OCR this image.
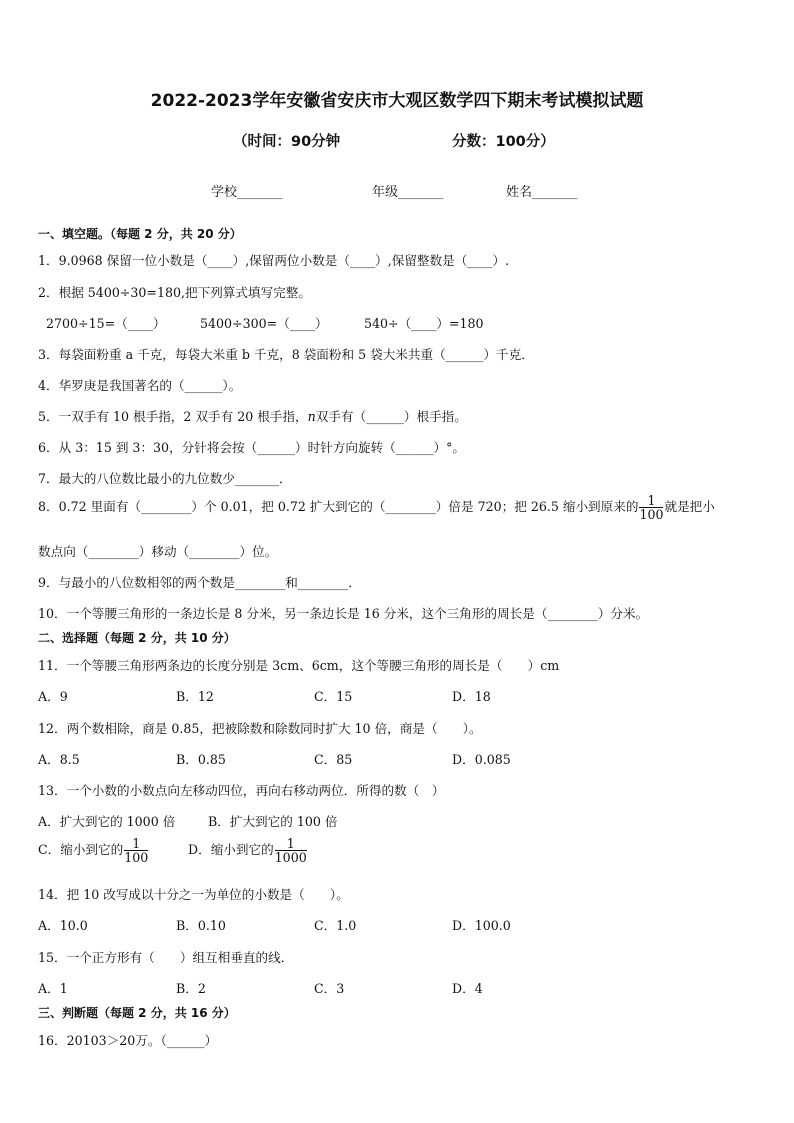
2022-2023学年安徽省安庆市大观区数学四下期末考试模拟试题
（时间：90分钟	分数：100分）
学校_______	年级_______	姓名_______
一、填空题。（每题 2 分，共 20 分）
1．9.0968 保留一位小数是（____）,保留两位小数是（____）,保留整数是（____）.
2．根据 5400÷30=180,把下列算式填写完整。
2700÷15=（____）	5400÷300=（____）	540÷（____）=180
3．每袋面粉重 a 千克，每袋大米重 b 千克，8 袋面粉和 5 袋大米共重（______）千克．
4．华罗庚是我国著名的（______）。
5．一双手有 10 根手指，2 双手有 20 根手指，n双手有（______）根手指。
6．从 3：15 到 3：30，分针将会按（______）时针方向旋转（______）°。
7．最大的八位数比最小的九位数少_______．
8．0.72 里面有（________）个 0.01，把 0.72 扩大到它的（________）倍是 720；把 26.5 缩小到原来的 $\frac{1}{100}$ 就是把小
数点向（________）移动（________）位。
9．与最小的八位数相邻的两个数是________和________．
10．一个等腰三角形的一条边长是 8 分米，另一条边长是 16 分米，这个三角形的周长是（________）分米。
二、选择题（每题 2 分，共 10 分）
11．一个等腰三角形两条边的长度分别是 3cm、6cm，这个等腰三角形的周长是（　　）cm
A．9	B．12	C．15	D．18
12．两个数相除，商是 0.85，把被除数和除数同时扩大 10 倍，商是（　　）。
A．8.5	B．0.85	C．85	D．0.085
13．一个小数的小数点向左移动四位，再向右移动两位．所得的数（　）
A．扩大到它的 1000 倍	B．扩大到它的 100 倍
C．缩小到它的 $\frac{1}{100}$	D．缩小到它的 $\frac{1}{1000}$
14．把 10 改写成以十分之一为单位的小数是（　　）。
A．10.0	B．0.10	C．1.0	D．100.0
15．一个正方形有（　　）组互相垂直的线．
A．1	B．2	C．3	D．4
三、判断题（每题 2 分，共 16 分）
16．20103＞20万。（______）
